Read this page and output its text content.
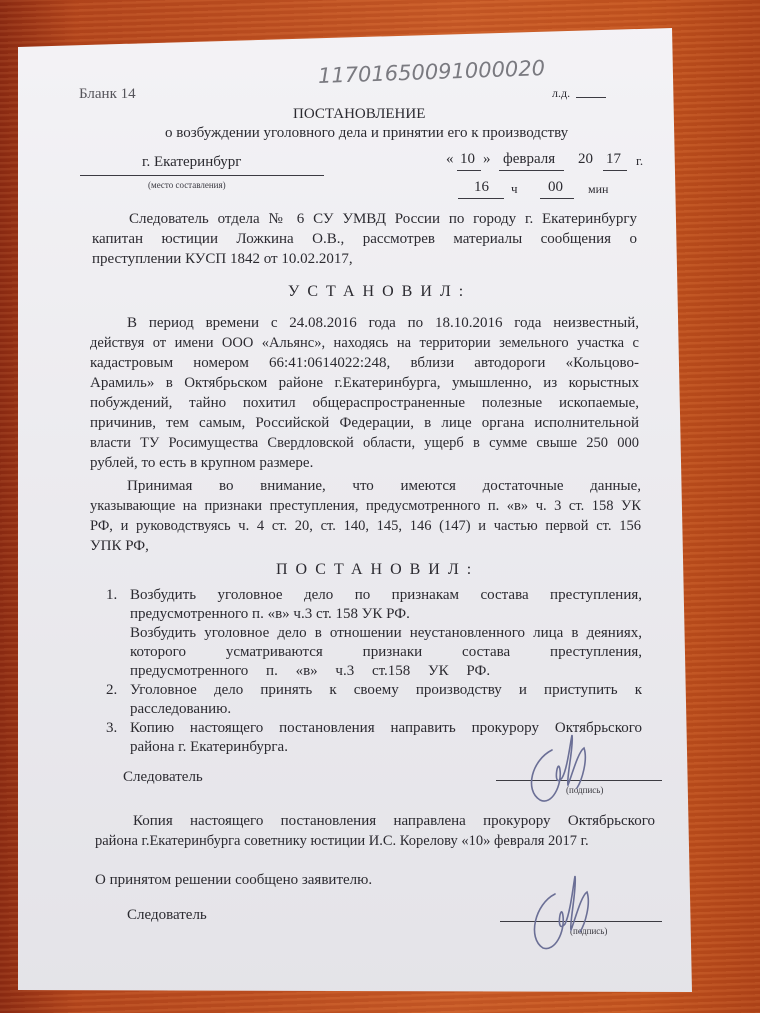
Бланк 14
11701650091000020
л.д.
ПОСТАНОВЛЕНИЕ
о возбуждении уголовного дела и принятии его к производству
г. Екатеринбург
(место составления)
« 10 » февраля 20 17 г.
16 ч 00 мин
Следователь отдела № 6 СУ УМВД России по городу г. Екатеринбургу
капитан юстиции Ложкина О.В., рассмотрев материалы сообщения о
преступлении КУСП 1842 от 10.02.2017,
УСТАНОВИЛ:
В период времени с 24.08.2016 года по 18.10.2016 года неизвестный,
действуя от имени ООО «Альянс», находясь на территории земельного участка с
кадастровым номером 66:41:0614022:248, вблизи автодороги «Кольцово-
Арамиль» в Октябрьском районе г.Екатеринбурга, умышленно, из корыстных
побуждений, тайно похитил общераспространенные полезные ископаемые,
причинив, тем самым, Российской Федерации, в лице органа исполнительной
власти ТУ Росимущества Свердловской области, ущерб в сумме свыше 250 000
рублей, то есть в крупном размере.
Принимая во внимание, что имеются достаточные данные,
указывающие на признаки преступления, предусмотренного п. «в» ч. 3 ст. 158 УК
РФ, и руководствуясь ч. 4 ст. 20, ст. 140, 145, 146 (147) и частью первой ст. 156
УПК РФ,
ПОСТАНОВИЛ:
1. Возбудить уголовное дело по признакам состава преступления,
предусмотренного п. «в» ч.3 ст. 158 УК РФ.
Возбудить уголовное дело в отношении неустановленного лица в деяниях,
которого усматриваются признаки состава преступления,
предусмотренного п. «в» ч.3 ст.158 УК РФ.
2. Уголовное дело принять к своему производству и приступить к
расследованию.
3. Копию настоящего постановления направить прокурору Октябрьского
района г. Екатеринбурга.
Следователь
(подпись)
Копия настоящего постановления направлена прокурору Октябрьского
района г.Екатеринбурга советнику юстиции И.С. Корелову «10» февраля 2017 г.
О принятом решении сообщено заявителю.
Следователь
(подпись)
